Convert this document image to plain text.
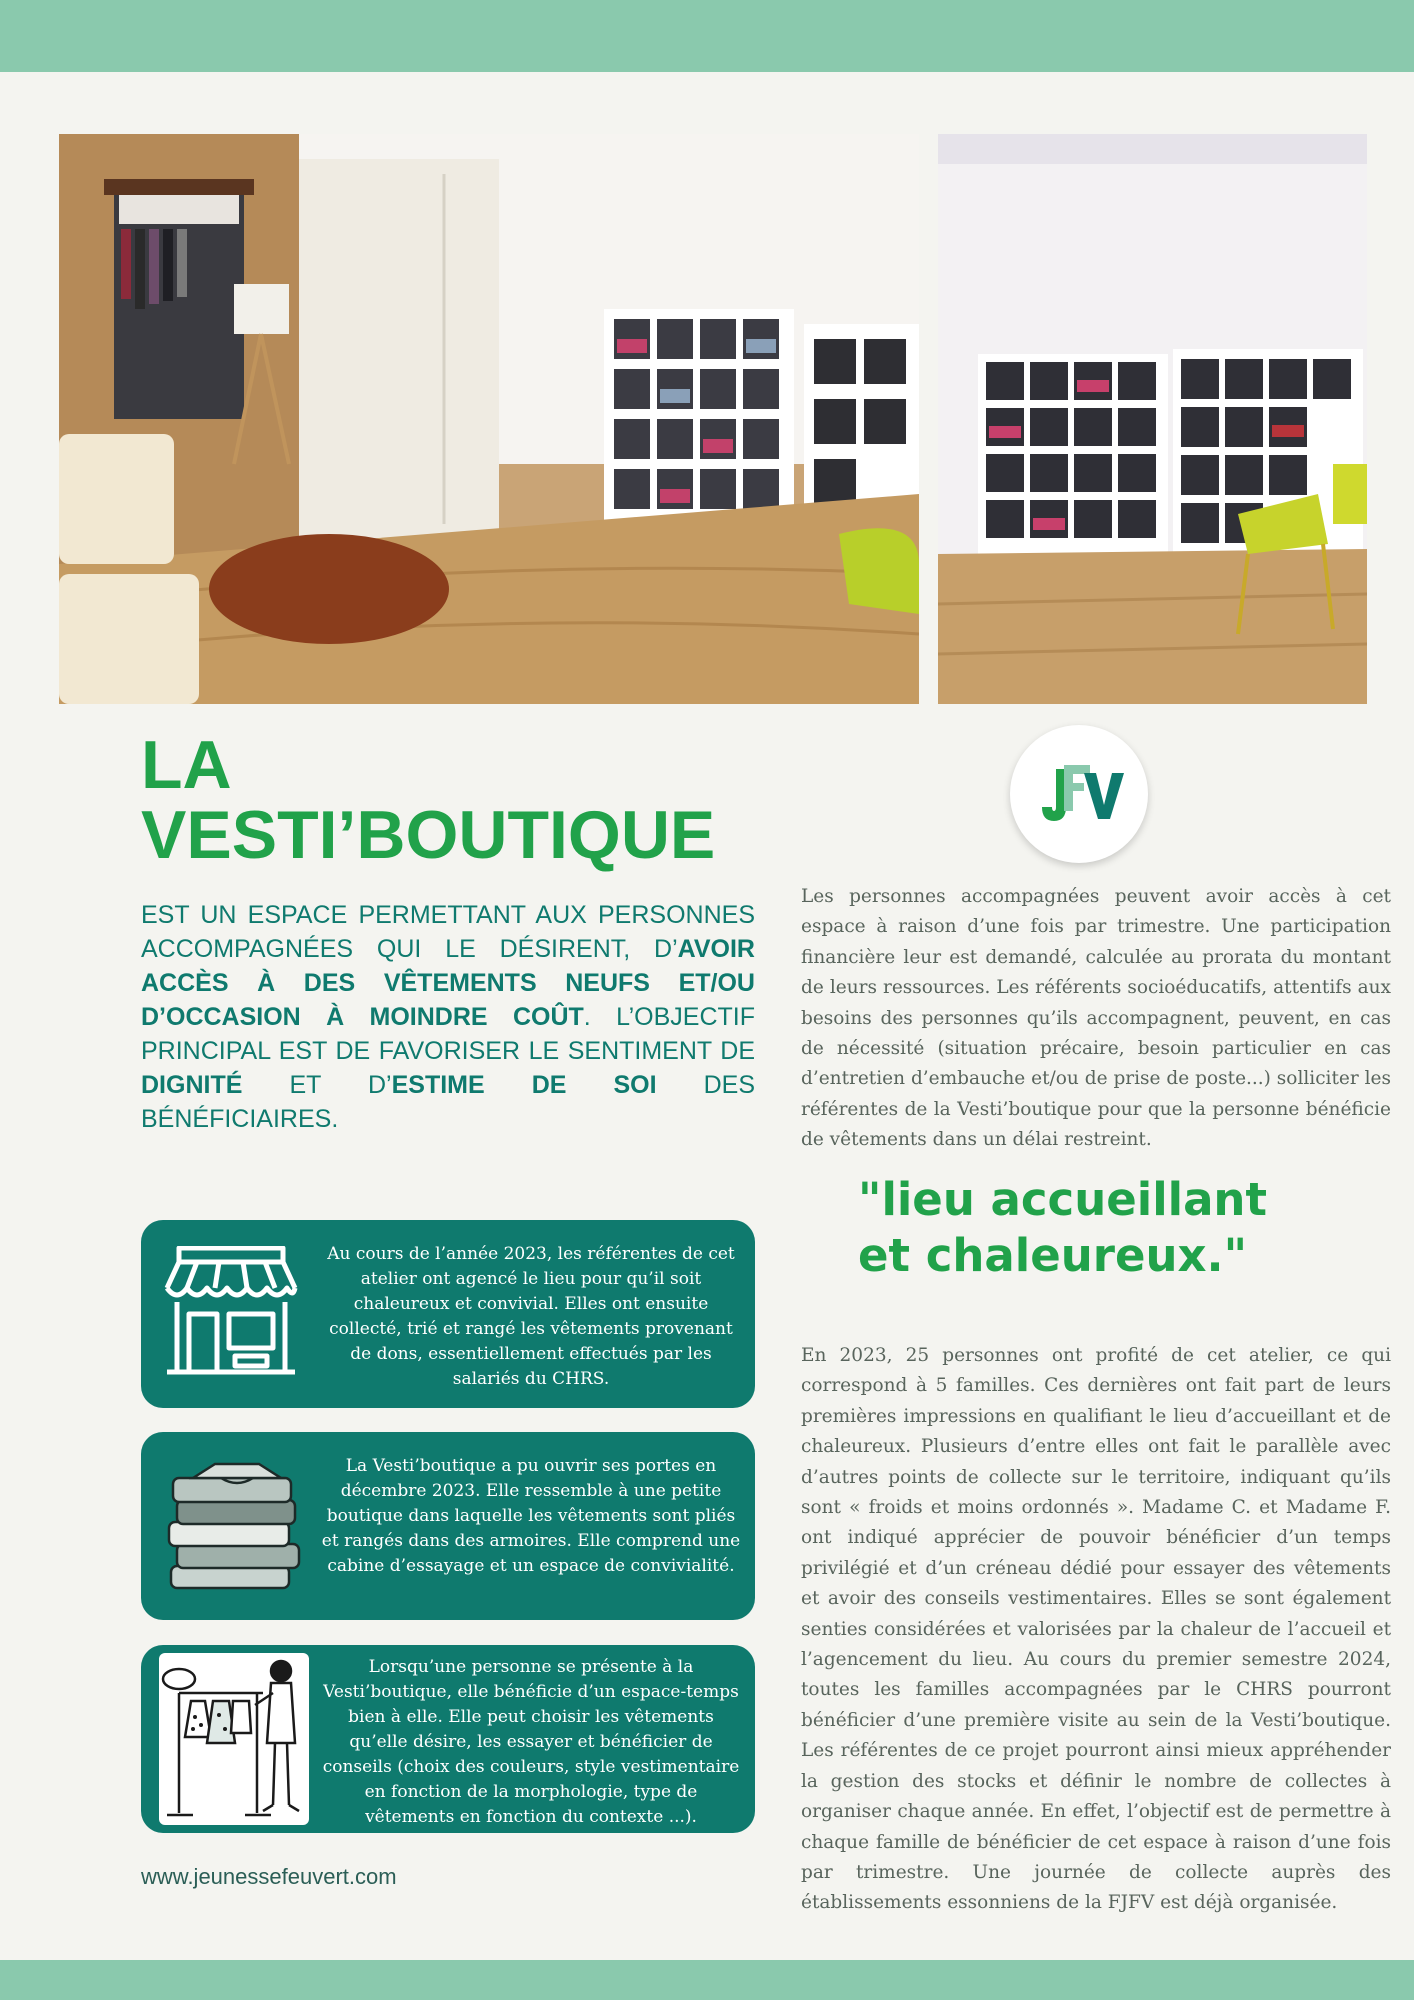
LA
VESTI’BOUTIQUE

EST UN ESPACE PERMETTANT AUX PERSONNES ACCOMPAGNÉES QUI LE DÉSIRENT, D’AVOIR ACCÈS À DES VÊTEMENTS NEUFS ET/OU D’OCCASION À MOINDRE COÛT. L’OBJECTIF PRINCIPAL EST DE FAVORISER LE SENTIMENT DE DIGNITÉ ET D’ESTIME DE SOI DES BÉNÉFICIAIRES.

Au cours de l’année 2023, les référentes de cet atelier ont agencé le lieu pour qu’il soit chaleureux et convivial. Elles ont ensuite collecté, trié et rangé les vêtements provenant de dons, essentiellement effectués par les salariés du CHRS.
La Vesti’boutique a pu ouvrir ses portes en décembre 2023. Elle ressemble à une petite boutique dans laquelle les vêtements sont pliés et rangés dans des armoires. Elle comprend une cabine d’essayage et un espace de convivialité.
Lorsqu’une personne se présente à la Vesti’boutique, elle bénéficie d’un espace-temps bien à elle. Elle peut choisir les vêtements qu’elle désire, les essayer et bénéficier de conseils (choix des couleurs, style vestimentaire en fonction de la morphologie, type de vêtements en fonction du contexte ...).
www.jeunessefeuvert.com

Les personnes accompagnées peuvent avoir accès à cet espace à raison d’une fois par trimestre. Une participation financière leur est demandé, calculée au prorata du montant de leurs ressources. Les référents socioéducatifs, attentifs aux besoins des personnes qu’ils accompagnent, peuvent, en cas de nécessité (situation précaire, besoin particulier en cas d’entretien d’embauche et/ou de prise de poste...) solliciter les référentes de la Vesti’boutique pour que la personne bénéficie de vêtements dans un délai restreint.

"lieu accueillant
et chaleureux."

En 2023, 25 personnes ont profité de cet atelier, ce qui correspond à 5 familles. Ces dernières ont fait part de leurs premières impressions en qualifiant le lieu d’accueillant et de chaleureux. Plusieurs d’entre elles ont fait le parallèle avec d’autres points de collecte sur le territoire, indiquant qu’ils sont « froids et moins ordonnés ». Madame C. et Madame F. ont indiqué apprécier de pouvoir bénéficier d’un temps privilégié et d’un créneau dédié pour essayer des vêtements et avoir des conseils vestimentaires. Elles se sont également senties considérées et valorisées par la chaleur de l’accueil et l’agencement du lieu. Au cours du premier semestre 2024, toutes les familles accompagnées par le CHRS pourront bénéficier d’une première visite au sein de la Vesti’boutique. Les référentes de ce projet pourront ainsi mieux appréhender la gestion des stocks et définir le nombre de collectes à organiser chaque année. En effet, l’objectif est de permettre à chaque famille de bénéficier de cet espace à raison d’une fois par trimestre. Une journée de collecte auprès des établissements essonniens de la FJFV est déjà organisée.
